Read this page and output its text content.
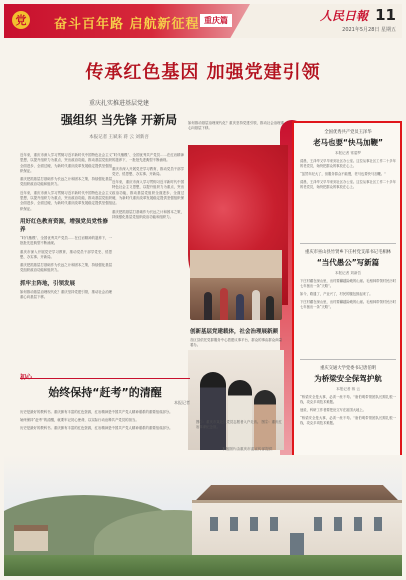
党 奋斗百年路 启航新征程 重庆篇	人民日報 11
2021年5月28日 星期五
传承红色基因 加强党建引领
重庆扎实推进基层党建
强组织 当先锋 开新局
本报记者 王斌来 蒋 云 刘新吾

近年来，重庆市深入学习贯彻习近平新时代中国特色社会主义思想，以提升组织力为重点，突出政治功能，推动基层党组织全面进步、全面过硬，为新时代重庆改革发展稳定提供坚强组织保证。

重庆把抓基层打基础作为长远之计和固本之策，持续强化基层党组织政治功能和组织力。

近年来，重庆市深入学习贯彻习近平新时代中国特色社会主义思想，以提升组织力为重点，突出政治功能，推动基层党组织全面进步、全面过硬，为新时代重庆改革发展稳定提供坚强组织保证。

用好红色教育资源，增强党员党性修养

“时代楷模”、全国优秀共产党员……在红岩精神的滋养下，一批批先进典型不断涌现。

重庆市深入开展党史学习教育，推动党员干部学党史、悟思想、办实事、开新局。

重庆把抓基层打基础作为长远之计和固本之策，持续强化基层党组织政治功能和组织力。

抓牢主阵地，引领发展

如何推动基层治理现代化？重庆坚持党建引领，推动社会治理重心向基层下移。

“时代楷模”、全国优秀共产党员……在红岩精神的滋养下，一批批先进典型不断涌现。

重庆市深入开展党史学习教育，推动党员干部学党史、悟思想、办实事、开新局。

近年来，重庆市深入学习贯彻习近平新时代中国特色社会主义思想，以提升组织力为重点，突出政治功能，推动基层党组织全面进步、全面过硬，为新时代重庆改革发展稳定提供坚强组织保证。

重庆把抓基层打基础作为长远之计和固本之策，持续强化基层党组织政治功能和组织力。

如何推动基层治理现代化？重庆坚持党建引领，推动社会治理重心向基层下移。

创新基层党建载体，社会治理展新颜

各区县依托党群服务中心搭建议事平台，群众的事由群众商量着办。

图①：重庆市某社区党员志愿者入户走访。 图②：重庆红岩革命纪念馆。
本版图片由重庆市委宣传部提供
始终保持“赶考”的清醒
本报记者

历史是最好的教科书。重庆拥有丰富的红色资源，红岩精神是中国共产党人精神谱系的重要组成部分。

始终保持“赶考”的清醒，就要牢记初心使命，以实际行动诠释共产党员的担当。

历史是最好的教科书。重庆拥有丰富的红色资源，红岩精神是中国共产党人精神谱系的重要组成部分。

全国优秀共产党员王泽华
老马也要“快马加鞭”
本报记者 常碧罗

清晨，王泽华又早早来到社区办公室。这位从事社区工作二十多年的老党员，始终把群众的事放在心上。

“虽然年纪大了，但服务群众不能慢，老马也要快马加鞭。”

清晨，王泽华又早早来到社区办公室。这位从事社区工作二十多年的老党员，始终把群众的事放在心上。

重庆市巫山县竹贤乡下庄村党支部书记毛相林
“当代愚公”写新篇
本报记者 刘新吾

下庄村藏在深山里，出村要翻越险峻的山崖。毛相林带领村民历时七年凿出一条“天路”。

如今，路通了，产业兴了，村民的腰包鼓起来了。

下庄村藏在深山里，出村要翻越险峻的山崖。毛相林带领村民历时七年凿出一条“天路”。

重庆交通大学党委书记唐伯明
为桥梁安全保驾护航
本报记者 蒋 云

“桥梁安全是大事，必须一丝不苟。”唐伯明带领团队长期扎根一线，攻克多项技术难题。

他说，科研工作者要把论文写在祖国大地上。

“桥梁安全是大事，必须一丝不苟。”唐伯明带领团队长期扎根一线，攻克多项技术难题。
